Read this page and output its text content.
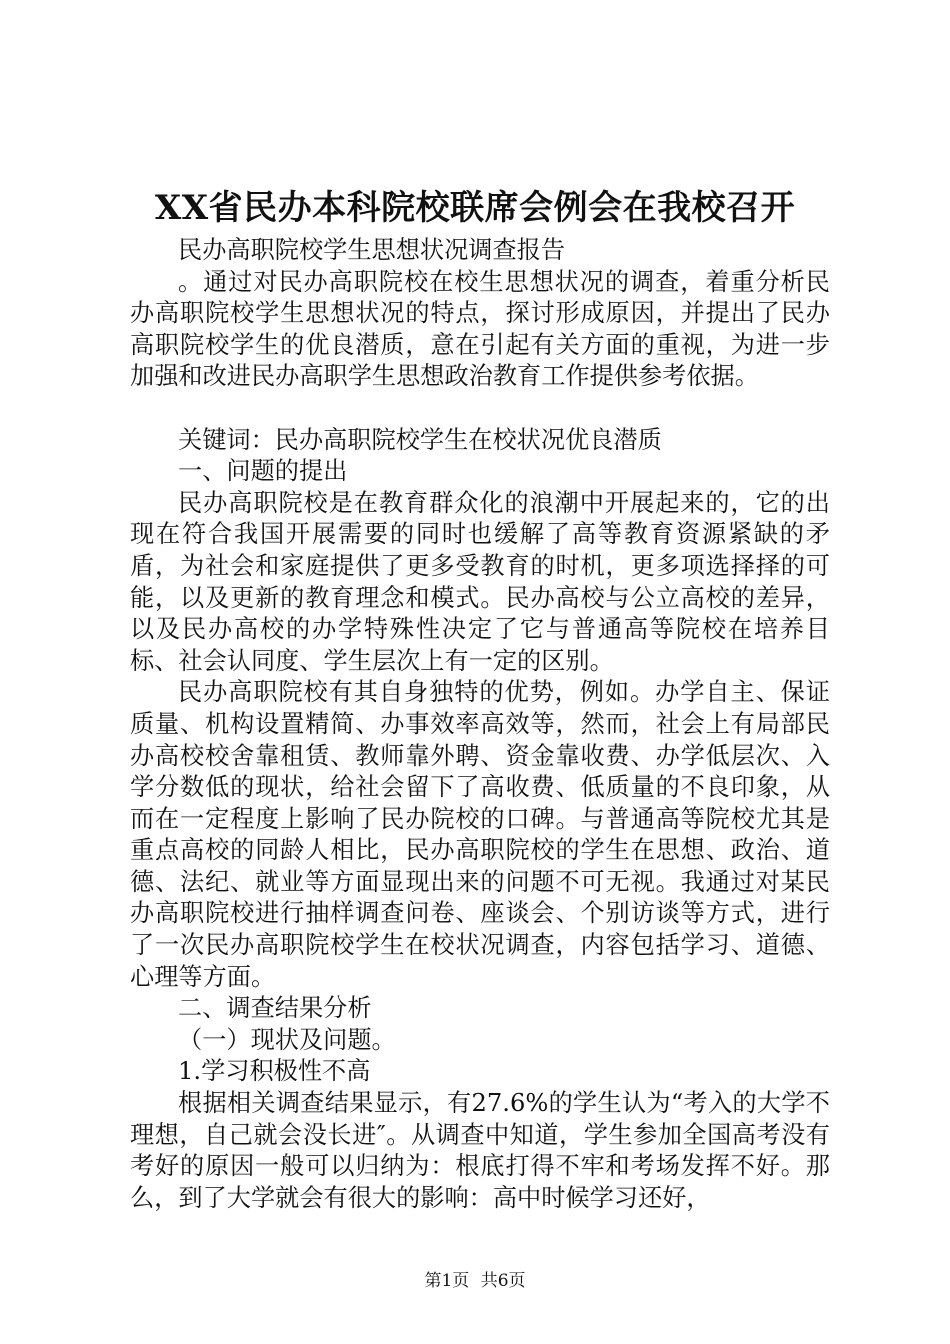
XX省民办本科院校联席会例会在我校召开

民办高职院校学生思想状况调查报告

。通过对民办高职院校在校生思想状况的调查，着重分析民办高职院校学生思想状况的特点，探讨形成原因，并提出了民办高职院校学生的优良潜质，意在引起有关方面的重视，为进一步加强和改进民办高职学生思想政治教育工作提供参考依据。

关键词：民办高职院校学生在校状况优良潜质

一、问题的提出

民办高职院校是在教育群众化的浪潮中开展起来的，它的出现在符合我国开展需要的同时也缓解了高等教育资源紧缺的矛盾，为社会和家庭提供了更多受教育的时机，更多项选择择的可能，以及更新的教育理念和模式。民办高校与公立高校的差异，以及民办高校的办学特殊性决定了它与普通高等院校在培养目标、社会认同度、学生层次上有一定的区别。

民办高职院校有其自身独特的优势，例如。办学自主、保证质量、机构设置精简、办事效率高效等，然而，社会上有局部民办高校校舍靠租赁、教师靠外聘、资金靠收费、办学低层次、入学分数低的现状，给社会留下了高收费、低质量的不良印象，从而在一定程度上影响了民办院校的口碑。与普通高等院校尤其是重点高校的同龄人相比，民办高职院校的学生在思想、政治、道德、法纪、就业等方面显现出来的问题不可无视。我通过对某民办高职院校进行抽样调查问卷、座谈会、个别访谈等方式，进行了一次民办高职院校学生在校状况调查，内容包括学习、道德、心理等方面。

二、调查结果分析

（一）现状及问题。

1.学习积极性不高

根据相关调查结果显示，有27.6%的学生认为“考入的大学不理想，自己就会没长进″。从调查中知道，学生参加全国高考没有考好的原因一般可以归纳为：根底打得不牢和考场发挥不好。那么，到了大学就会有很大的影响：高中时候学习还好，

第1页 共6页
